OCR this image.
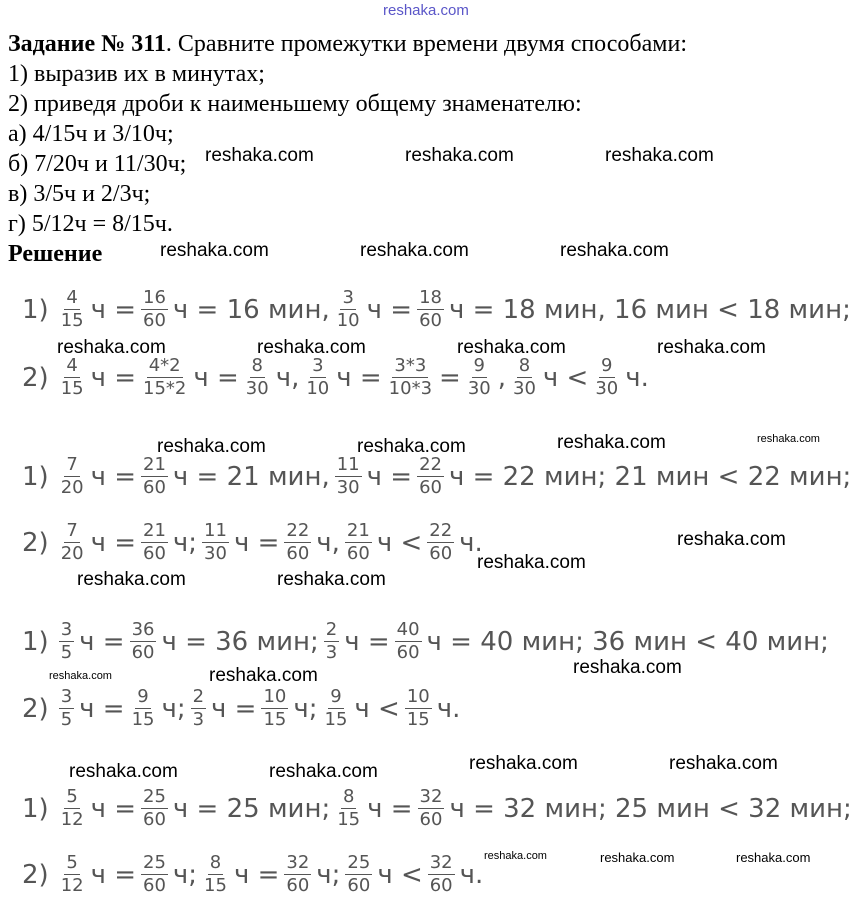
reshaka.com
Задание № 311. Сравните промежутки времени двумя способами:
1) выразив их в минутах;
2) приведя дроби к наименьшему общему знаменателю:
а) 4/15ч и 3/10ч;
б) 7/20ч и 11/30ч;
в) 3/5ч и 2/3ч;
г) 5/12ч = 8/15ч.
Решение
$1) \frac{4}{15}$ $ч = \frac{16}{60}$ ч = 16 мин, $\frac{3}{10}$ $ч = \frac{18}{60}$ ч = 18 мин, 16 мин < 18 мин;
$2) \frac{4}{15}$ $ч = \frac{4*2}{15*2}$ $ч = \frac{8}{30} ч$, $\frac{3}{10}$ $ч = \frac{3*3}{10*3} = \frac{9}{30}$ , $\frac{8}{30}$ $ч < \frac{9}{30} ч$.
$1) \frac{7}{20}$ $ч = \frac{21}{60}$ ч = 21 мин, $\frac{11}{30}$ $ч = \frac{22}{60}$ ч = 22 мин; 21 мин < 22 мин;
$2) \frac{7}{20}$ $ч = \frac{21}{60} ч$; $\frac{11}{30}$ $ч = \frac{22}{60} ч$, $\frac{21}{60}$ $ч < \frac{22}{60} ч$.
$1) \frac{3}{5}$ $ч = \frac{36}{60}$ ч = 36 мин; $\frac{2}{3}$ $ч = \frac{40}{60}$ ч = 40 мин; 36 мин < 40 мин;
$2) \frac{3}{5}$ $ч = \frac{9}{15} ч$; $\frac{2}{3}$ $ч = \frac{10}{15} ч$; $\frac{9}{15}$ $ч < \frac{10}{15} ч$.
$1) \frac{5}{12}$ $ч = \frac{25}{60}$ ч = 25 мин; $\frac{8}{15}$ $ч = \frac{32}{60}$ ч = 32 мин; 25 мин < 32 мин;
$2) \frac{5}{12}$ $ч = \frac{25}{60} ч$; $\frac{8}{15}$ $ч = \frac{32}{60} ч$; $\frac{25}{60}$ $ч < \frac{32}{60} ч$.
reshaka.com	reshaka.com	reshaka.com
reshaka.com	reshaka.com	reshaka.com
reshaka.com	reshaka.com	reshaka.com	reshaka.com
reshaka.com	reshaka.com	reshaka.com	reshaka.com
reshaka.com
reshaka.com	reshaka.com
reshaka.com
reshaka.com
reshaka.com	reshaka.com
reshaka.com	reshaka.com	reshaka.com	reshaka.com
reshaka.com	reshaka.com	reshaka.com
